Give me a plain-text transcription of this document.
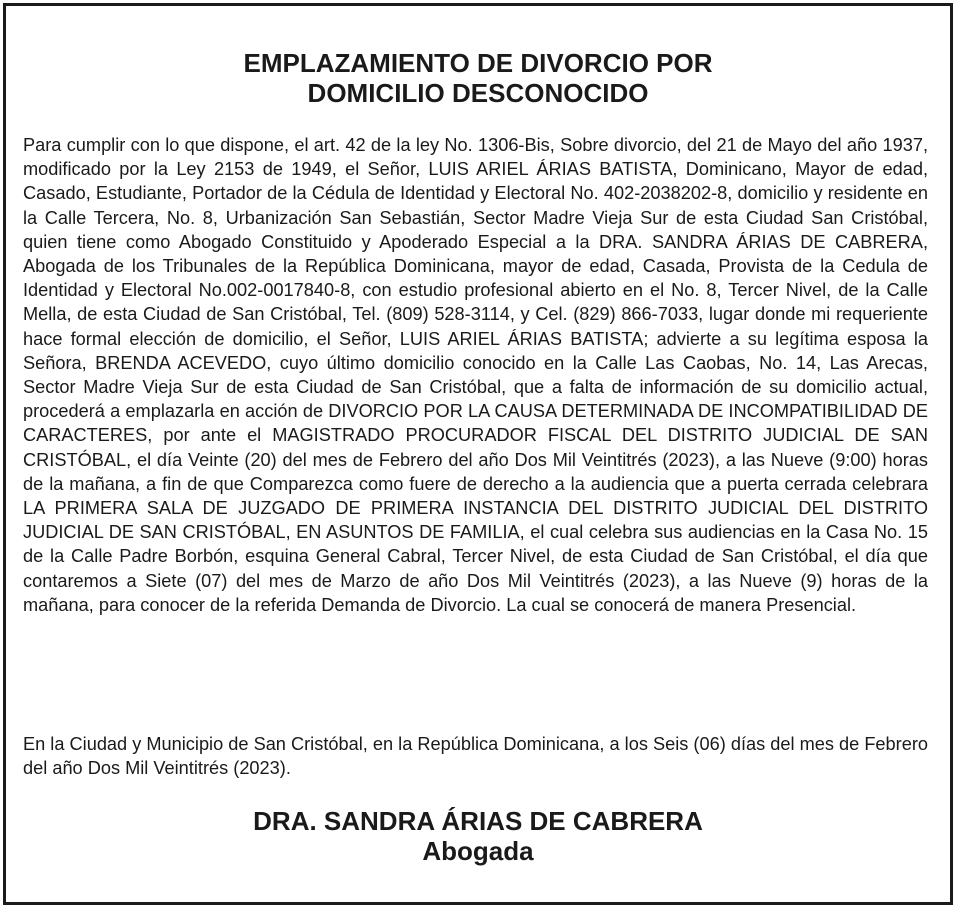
EMPLAZAMIENTO DE DIVORCIO POR
DOMICILIO DESCONOCIDO

Para cumplir con lo que dispone, el art. 42 de la ley No. 1306-Bis, Sobre divorcio, del 21 de Mayo del año 1937, modificado por la Ley 2153 de 1949, el Señor, LUIS ARIEL ÁRIAS BATISTA, Dominicano, Mayor de edad, Casado, Estudiante, Portador de la Cédula de Identidad y Electoral No. 402-2038202-8, domicilio y residente en la Calle Tercera, No. 8, Urbanización San Sebastián, Sector Madre Vieja Sur de esta Ciudad San Cristóbal, quien tiene como Abogado Constituido y Apoderado Especial a la DRA. SANDRA ÁRIAS DE CABRERA, Abogada de los Tribunales de la República Dominicana, mayor de edad, Casada, Provista de la Cedula de Identidad y Electoral No.002-0017840-8, con estudio profesional abierto en el No. 8, Tercer Nivel, de la Calle Mella, de esta Ciudad de San Cristóbal, Tel. (809) 528-3114, y Cel. (829) 866-7033, lugar donde mi requeriente hace formal elección de domicilio, el Señor, LUIS ARIEL ÁRIAS BATISTA; advierte a su legítima esposa la Señora, BRENDA ACEVEDO, cuyo último domicilio conocido en la Calle Las Caobas, No. 14, Las Arecas, Sector Madre Vieja Sur de esta Ciudad de San Cristóbal, que a falta de información de su domicilio actual, procederá a emplazarla en acción de DIVORCIO POR LA CAUSA DETERMINADA DE INCOMPATIBILIDAD DE CARACTERES, por ante el MAGISTRADO PROCURADOR FISCAL DEL DISTRITO JUDICIAL DE SAN CRISTÓBAL, el día Veinte (20) del mes de Febrero del año Dos Mil Veintitrés (2023), a las Nueve (9:00) horas de la mañana, a fin de que Comparezca como fuere de derecho a la audiencia que a puerta cerrada celebrara LA PRIMERA SALA DE JUZGADO DE PRIMERA INSTANCIA DEL DISTRITO JUDICIAL DEL DISTRITO JUDICIAL DE SAN CRISTÓBAL, EN ASUNTOS DE FAMILIA, el cual celebra sus audiencias en la Casa No. 15 de la Calle Padre Borbón, esquina General Cabral, Tercer Nivel, de esta Ciudad de San Cristóbal, el día que contaremos a Siete (07) del mes de Marzo de año Dos Mil Veintitrés (2023), a las Nueve (9) horas de la mañana, para conocer de la referida Demanda de Divorcio. La cual se conocerá de manera Presencial.

En la Ciudad y Municipio de San Cristóbal, en la República Dominicana, a los Seis (06) días del mes de Febrero del año Dos Mil Veintitrés (2023).

DRA. SANDRA ÁRIAS DE CABRERA
Abogada
